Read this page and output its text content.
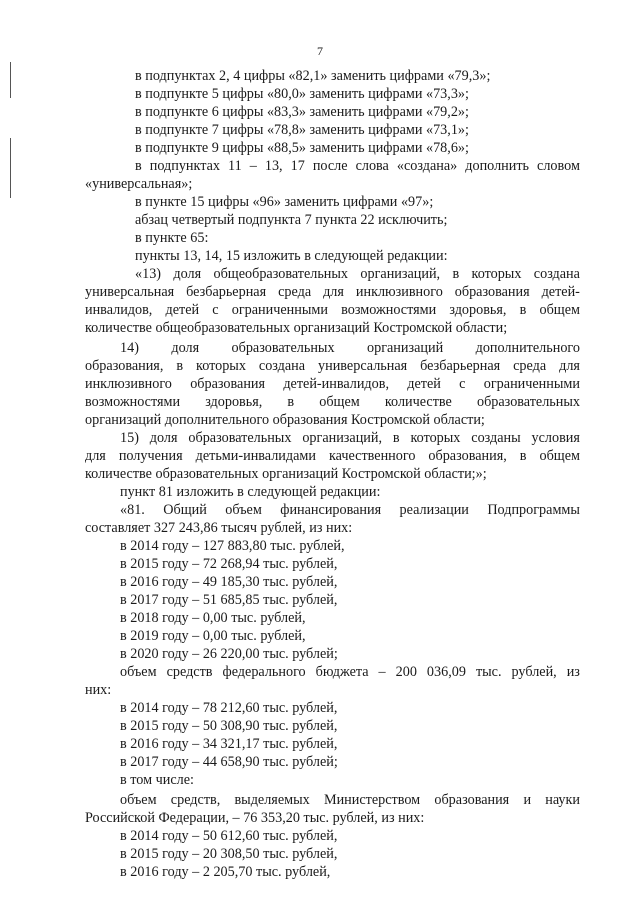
7
в подпунктах 2, 4 цифры «82,1» заменить цифрами «79,3»;
в подпункте 5 цифры «80,0» заменить цифрами «73,3»;
в подпункте 6 цифры «83,3» заменить цифрами «79,2»;
в подпункте 7 цифры «78,8» заменить цифрами «73,1»;
в подпункте 9 цифры «88,5» заменить цифрами «78,6»;
в подпунктах 11 – 13, 17 после слова «создана» дополнить словом
«универсальная»;
в пункте 15 цифры «96» заменить цифрами «97»;
абзац четвертый подпункта 7 пункта 22 исключить;
в пункте 65:
пункты 13, 14, 15 изложить в следующей редакции:
«13) доля общеобразовательных организаций, в которых создана
универсальная безбарьерная среда для инклюзивного образования детей-
инвалидов, детей с ограниченными возможностями здоровья, в общем
количестве общеобразовательных организаций Костромской области;
14) доля образовательных организаций дополнительного
образования, в которых создана универсальная безбарьерная среда для
инклюзивного образования детей-инвалидов, детей с ограниченными
возможностями здоровья, в общем количестве образовательных
организаций дополнительного образования Костромской области;
15) доля образовательных организаций, в которых созданы условия
для получения детьми-инвалидами качественного образования, в общем
количестве образовательных организаций Костромской области;»;
пункт 81 изложить в следующей редакции:
«81. Общий объем финансирования реализации Подпрограммы
составляет 327 243,86 тысяч рублей, из них:
в 2014 году – 127 883,80 тыс. рублей,
в 2015 году – 72 268,94 тыс. рублей,
в 2016 году – 49 185,30 тыс. рублей,
в 2017 году – 51 685,85 тыс. рублей,
в 2018 году – 0,00 тыс. рублей,
в 2019 году – 0,00 тыс. рублей,
в 2020 году – 26 220,00 тыс. рублей;
объем средств федерального бюджета – 200 036,09 тыс. рублей, из
них:
в 2014 году – 78 212,60 тыс. рублей,
в 2015 году – 50 308,90 тыс. рублей,
в 2016 году – 34 321,17 тыс. рублей,
в 2017 году – 44 658,90 тыс. рублей;
в том числе:
объем средств, выделяемых Министерством образования и науки
Российской Федерации, – 76 353,20 тыс. рублей, из них:
в 2014 году – 50 612,60 тыс. рублей,
в 2015 году – 20 308,50 тыс. рублей,
в 2016 году – 2 205,70 тыс. рублей,
